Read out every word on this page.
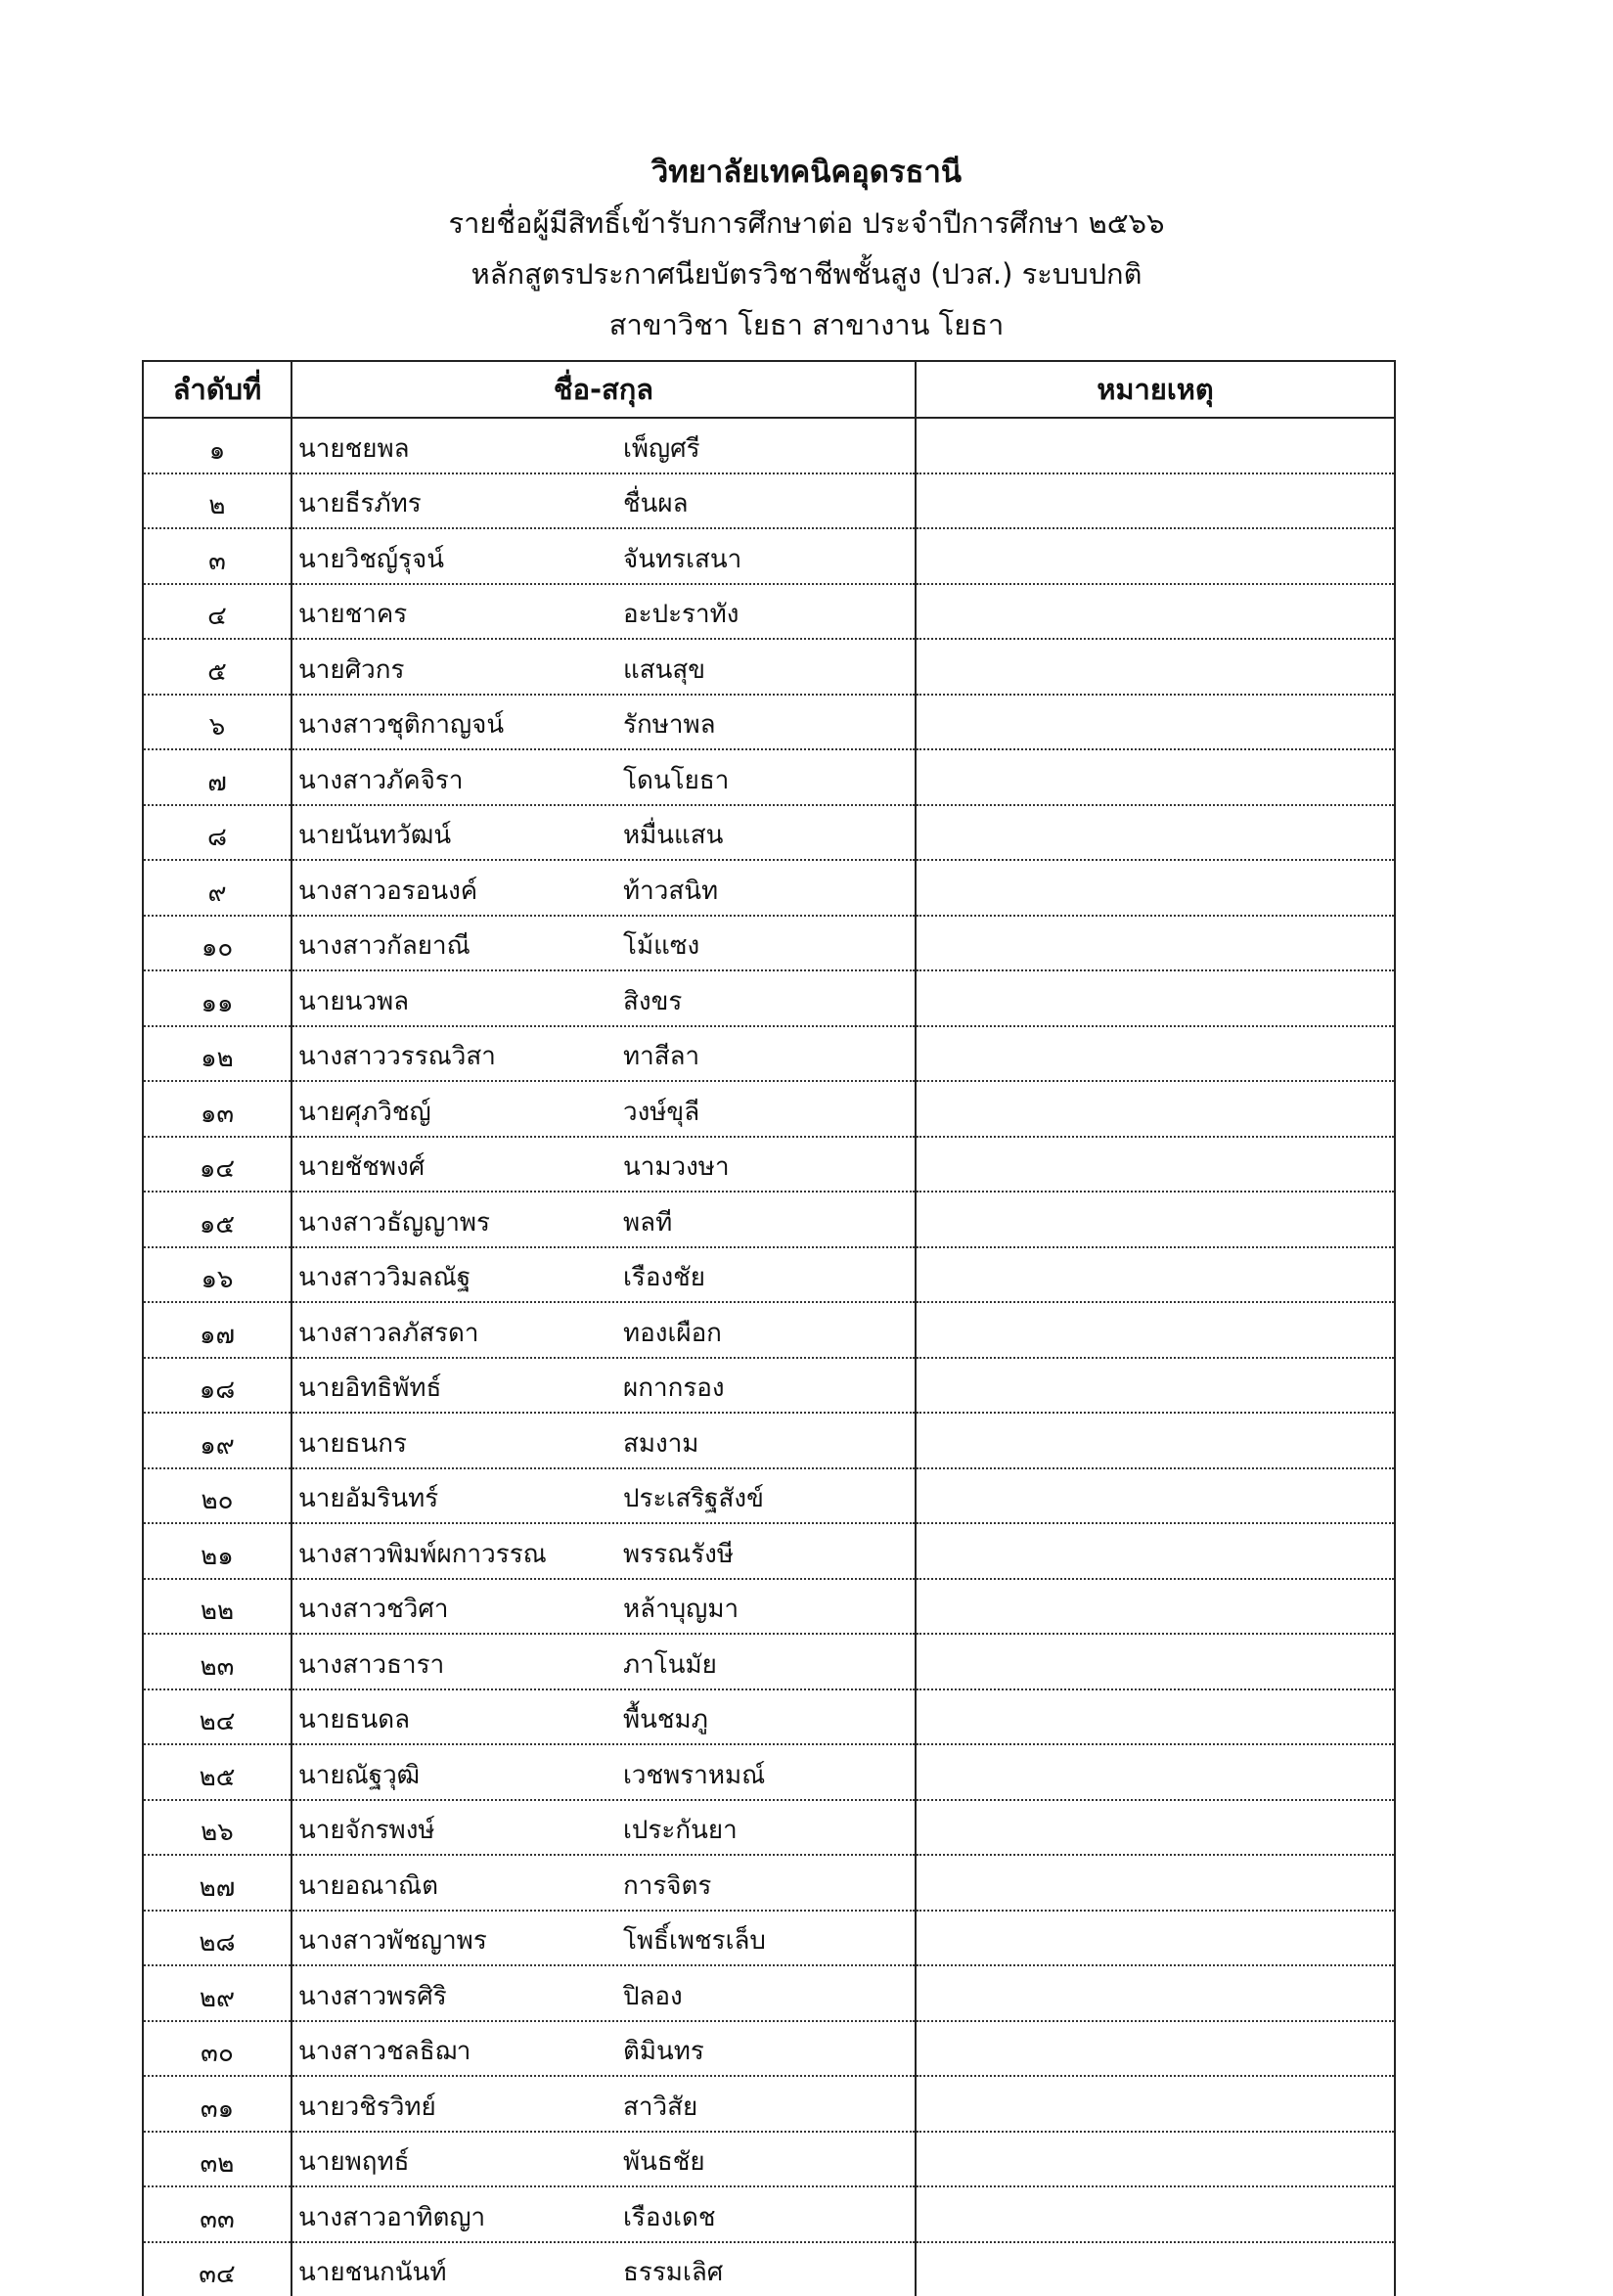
วิทยาลัยเทคนิคอุดรธานี
รายชื่อผู้มีสิทธิ์เข้ารับการศึกษาต่อ ประจำปีการศึกษา ๒๕๖๖
หลักสูตรประกาศนียบัตรวิชาชีพชั้นสูง (ปวส.) ระบบปกติ
สาขาวิชา โยธา สาขางาน โยธา
ลำดับที่	ชื่อ-สกุล	หมายเหตุ
๑	นายชยพล เพ็ญศรี	
๒	นายธีรภัทร ชื่นผล	
๓	นายวิชญ์รุจน์ จันทรเสนา	
๔	นายชาคร อะปะราทัง	
๕	นายศิวกร แสนสุข	
๖	นางสาวชุติกาญจน์ รักษาพล	
๗	นางสาวภัคจิรา โดนโยธา	
๘	นายนันทวัฒน์ หมื่นแสน	
๙	นางสาวอรอนงค์ ท้าวสนิท	
๑๐	นางสาวกัลยาณี โม้แซง	
๑๑	นายนวพล สิงขร	
๑๒	นางสาววรรณวิสา ทาสีลา	
๑๓	นายศุภวิชญ์ วงษ์ขุลี	
๑๔	นายชัชพงศ์ นามวงษา	
๑๕	นางสาวธัญญาพร พลที	
๑๖	นางสาววิมลณัฐ เรืองชัย	
๑๗	นางสาวลภัสรดา ทองเผือก	
๑๘	นายอิทธิพัทธ์ ผกากรอง	
๑๙	นายธนกร สมงาม	
๒๐	นายอัมรินทร์ ประเสริฐสังข์	
๒๑	นางสาวพิมพ์ผกาวรรณ พรรณรังษี	
๒๒	นางสาวชวิศา หล้าบุญมา	
๒๓	นางสาวธารา ภาโนมัย	
๒๔	นายธนดล พื้นชมภู	
๒๕	นายณัฐวุฒิ เวชพราหมณ์	
๒๖	นายจักรพงษ์ เประกันยา	
๒๗	นายอณาณิต การจิตร	
๒๘	นางสาวพัชญาพร โพธิ์เพชรเล็บ	
๒๙	นางสาวพรศิริ ปิลอง	
๓๐	นางสาวชลธิฌา ติมินทร	
๓๑	นายวชิรวิทย์ สาวิสัย	
๓๒	นายพฤทธ์ พันธชัย	
๓๓	นางสาวอาทิตญา เรืองเดช	
๓๔	นายชนกนันท์ ธรรมเลิศ	
